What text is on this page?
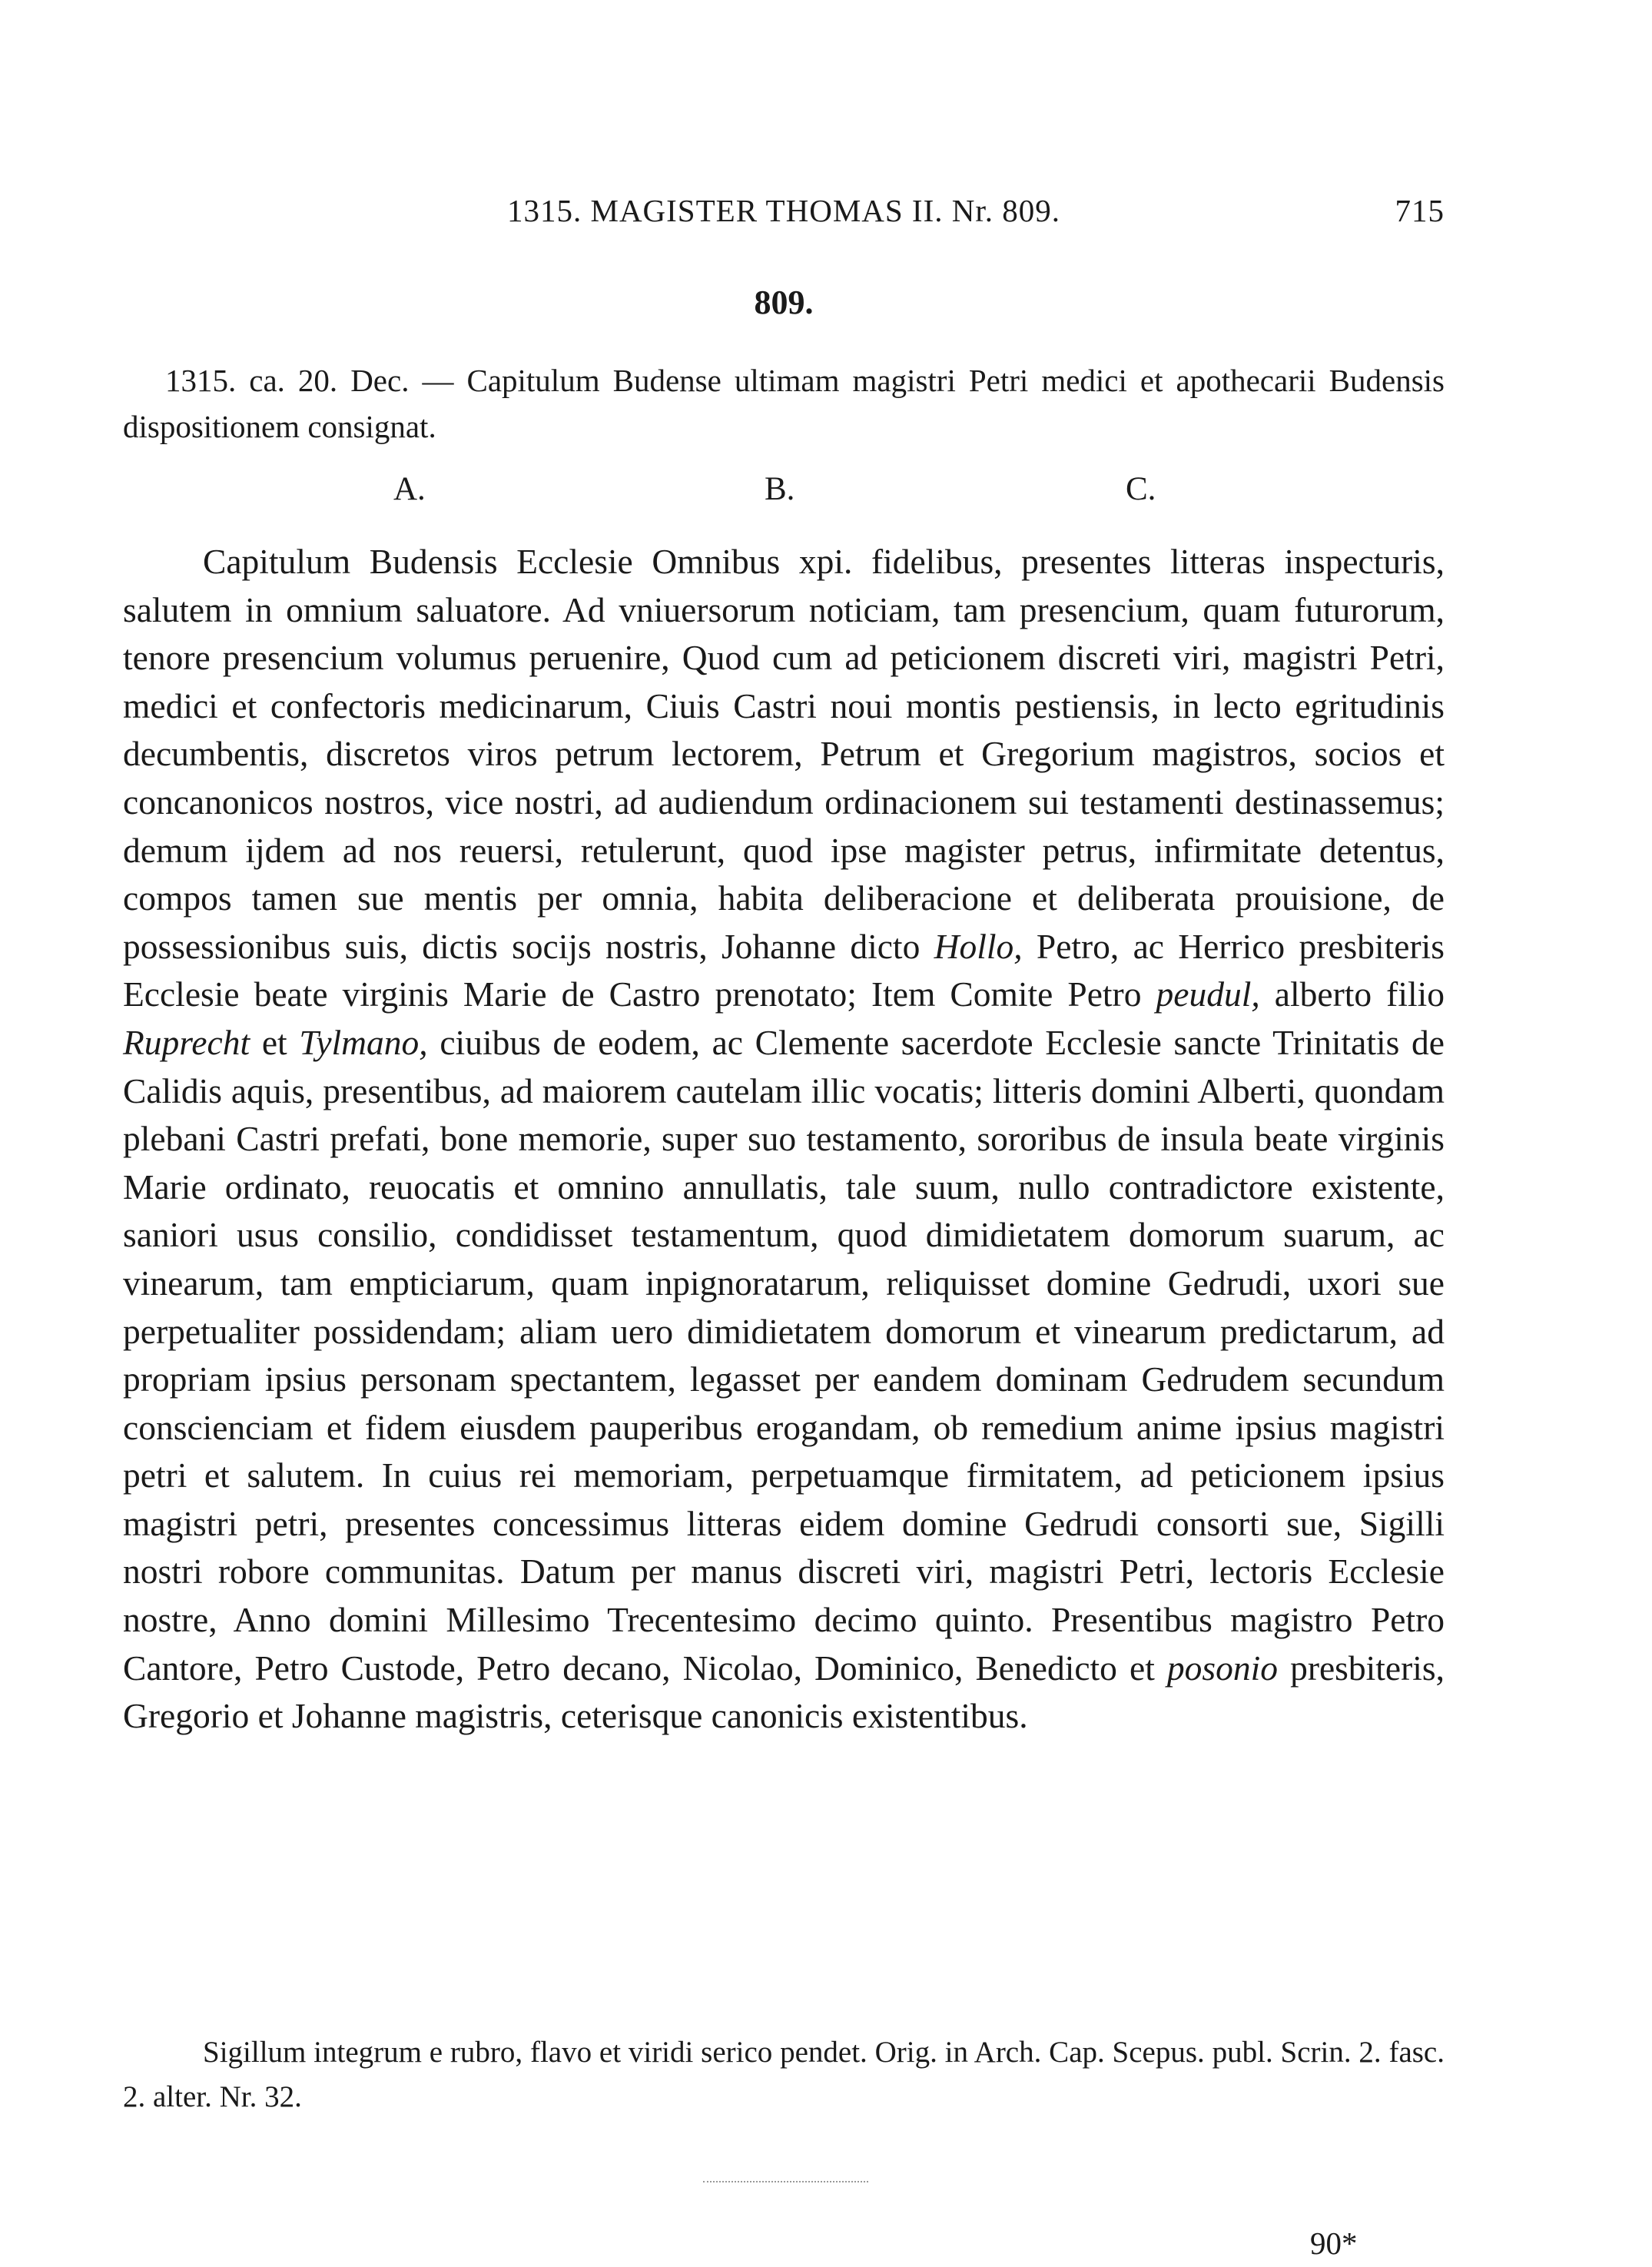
1315. MAGISTER THOMAS II. Nr. 809.	715
809.
1315. ca. 20. Dec. — Capitulum Budense ultimam magistri Petri medici et apothecarii Budensis dispositionem consignat.
A.	B.	C.

Capitulum Budensis Ecclesie Omnibus xpi. fidelibus, presentes litteras inspecturis, salutem in omnium saluatore. Ad vniuersorum noticiam, tam presencium, quam futurorum, tenore presencium volumus peruenire, Quod cum ad peticionem discreti viri, magistri Petri, medici et confectoris medicinarum, Ciuis Castri noui montis pestiensis, in lecto egritudinis decumbentis, discretos viros petrum lectorem, Petrum et Gregorium magistros, socios et concanonicos nostros, vice nostri, ad audiendum ordinacionem sui testamenti destinassemus; demum ijdem ad nos reuersi, retulerunt, quod ipse magister petrus, infirmitate detentus, compos tamen sue mentis per omnia, habita deliberacione et deliberata prouisione, de possessionibus suis, dictis socijs nostris, Johanne dicto Hollo, Petro, ac Herrico presbiteris Ecclesie beate virginis Marie de Castro prenotato; Item Comite Petro peudul, alberto filio Ruprecht et Tylmano, ciuibus de eodem, ac Clemente sacerdote Ecclesie sancte Trinitatis de Calidis aquis, presentibus, ad maiorem cautelam illic vocatis; litteris domini Alberti, quondam plebani Castri prefati, bone memorie, super suo testamento, sororibus de insula beate virginis Marie ordinato, reuocatis et omnino annullatis, tale suum, nullo contradictore existente, saniori usus consilio, condidisset testamentum, quod dimidietatem domorum suarum, ac vinearum, tam empticiarum, quam inpignoratarum, reliquisset domine Gedrudi, uxori sue perpetualiter possidendam; aliam uero dimidietatem domorum et vinearum predictarum, ad propriam ipsius personam spectantem, legasset per eandem dominam Gedrudem secundum conscienciam et fidem eiusdem pauperibus erogandam, ob remedium anime ipsius magistri petri et salutem. In cuius rei memoriam, perpetuamque firmitatem, ad peticionem ipsius magistri petri, presentes concessimus litteras eidem domine Gedrudi consorti sue, Sigilli nostri robore communitas. Datum per manus discreti viri, magistri Petri, lectoris Ecclesie nostre, Anno domini Millesimo Trecentesimo decimo quinto. Presentibus magistro Petro Cantore, Petro Custode, Petro decano, Nicolao, Dominico, Benedicto et posonio presbiteris, Gregorio et Johanne magistris, ceterisque canonicis existentibus.

Sigillum integrum e rubro, flavo et viridi serico pendet. Orig. in Arch. Cap. Scepus. publ. Scrin. 2. fasc. 2. alter. Nr. 32.

90*
